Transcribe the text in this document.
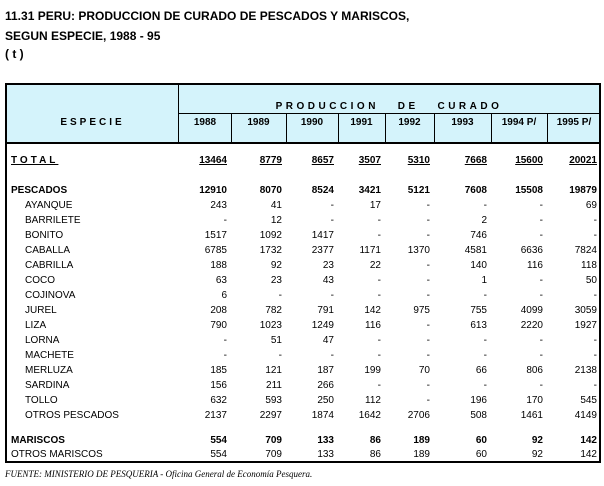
11.31 PERU: PRODUCCION DE CURADO DE PESCADOS Y MARISCOS,
SEGUN ESPECIE, 1988 - 95
( t )
ESPECIE
PRODUCCION   DE   CURADO
1988	1989	1990	1991	1992	1993	1994 P/	1995 P/
TOTAL	13464	8779	8657	3507	5310	7668	15600	20021
PESCADOS	12910	8070	8524	3421	5121	7608	15508	19879
AYANQUE	243	41	-	17	-	-	-	69
BARRILETE	-	12	-	-	-	2	-	-
BONITO	1517	1092	1417	-	-	746	-	-
CABALLA	6785	1732	2377	1171	1370	4581	6636	7824
CABRILLA	188	92	23	22	-	140	116	118
COCO	63	23	43	-	-	1	-	50
COJINOVA	6	-	-	-	-	-	-	-
JUREL	208	782	791	142	975	755	4099	3059
LIZA	790	1023	1249	116	-	613	2220	1927
LORNA	-	51	47	-	-	-	-	-
MACHETE	-	-	-	-	-	-	-	-
MERLUZA	185	121	187	199	70	66	806	2138
SARDINA	156	211	266	-	-	-	-	-
TOLLO	632	593	250	112	-	196	170	545
OTROS PESCADOS	2137	2297	1874	1642	2706	508	1461	4149
MARISCOS	554	709	133	86	189	60	92	142
OTROS MARISCOS	554	709	133	86	189	60	92	142
FUENTE: MINISTERIO DE PESQUERIA - Oficina General de Economía Pesquera.
